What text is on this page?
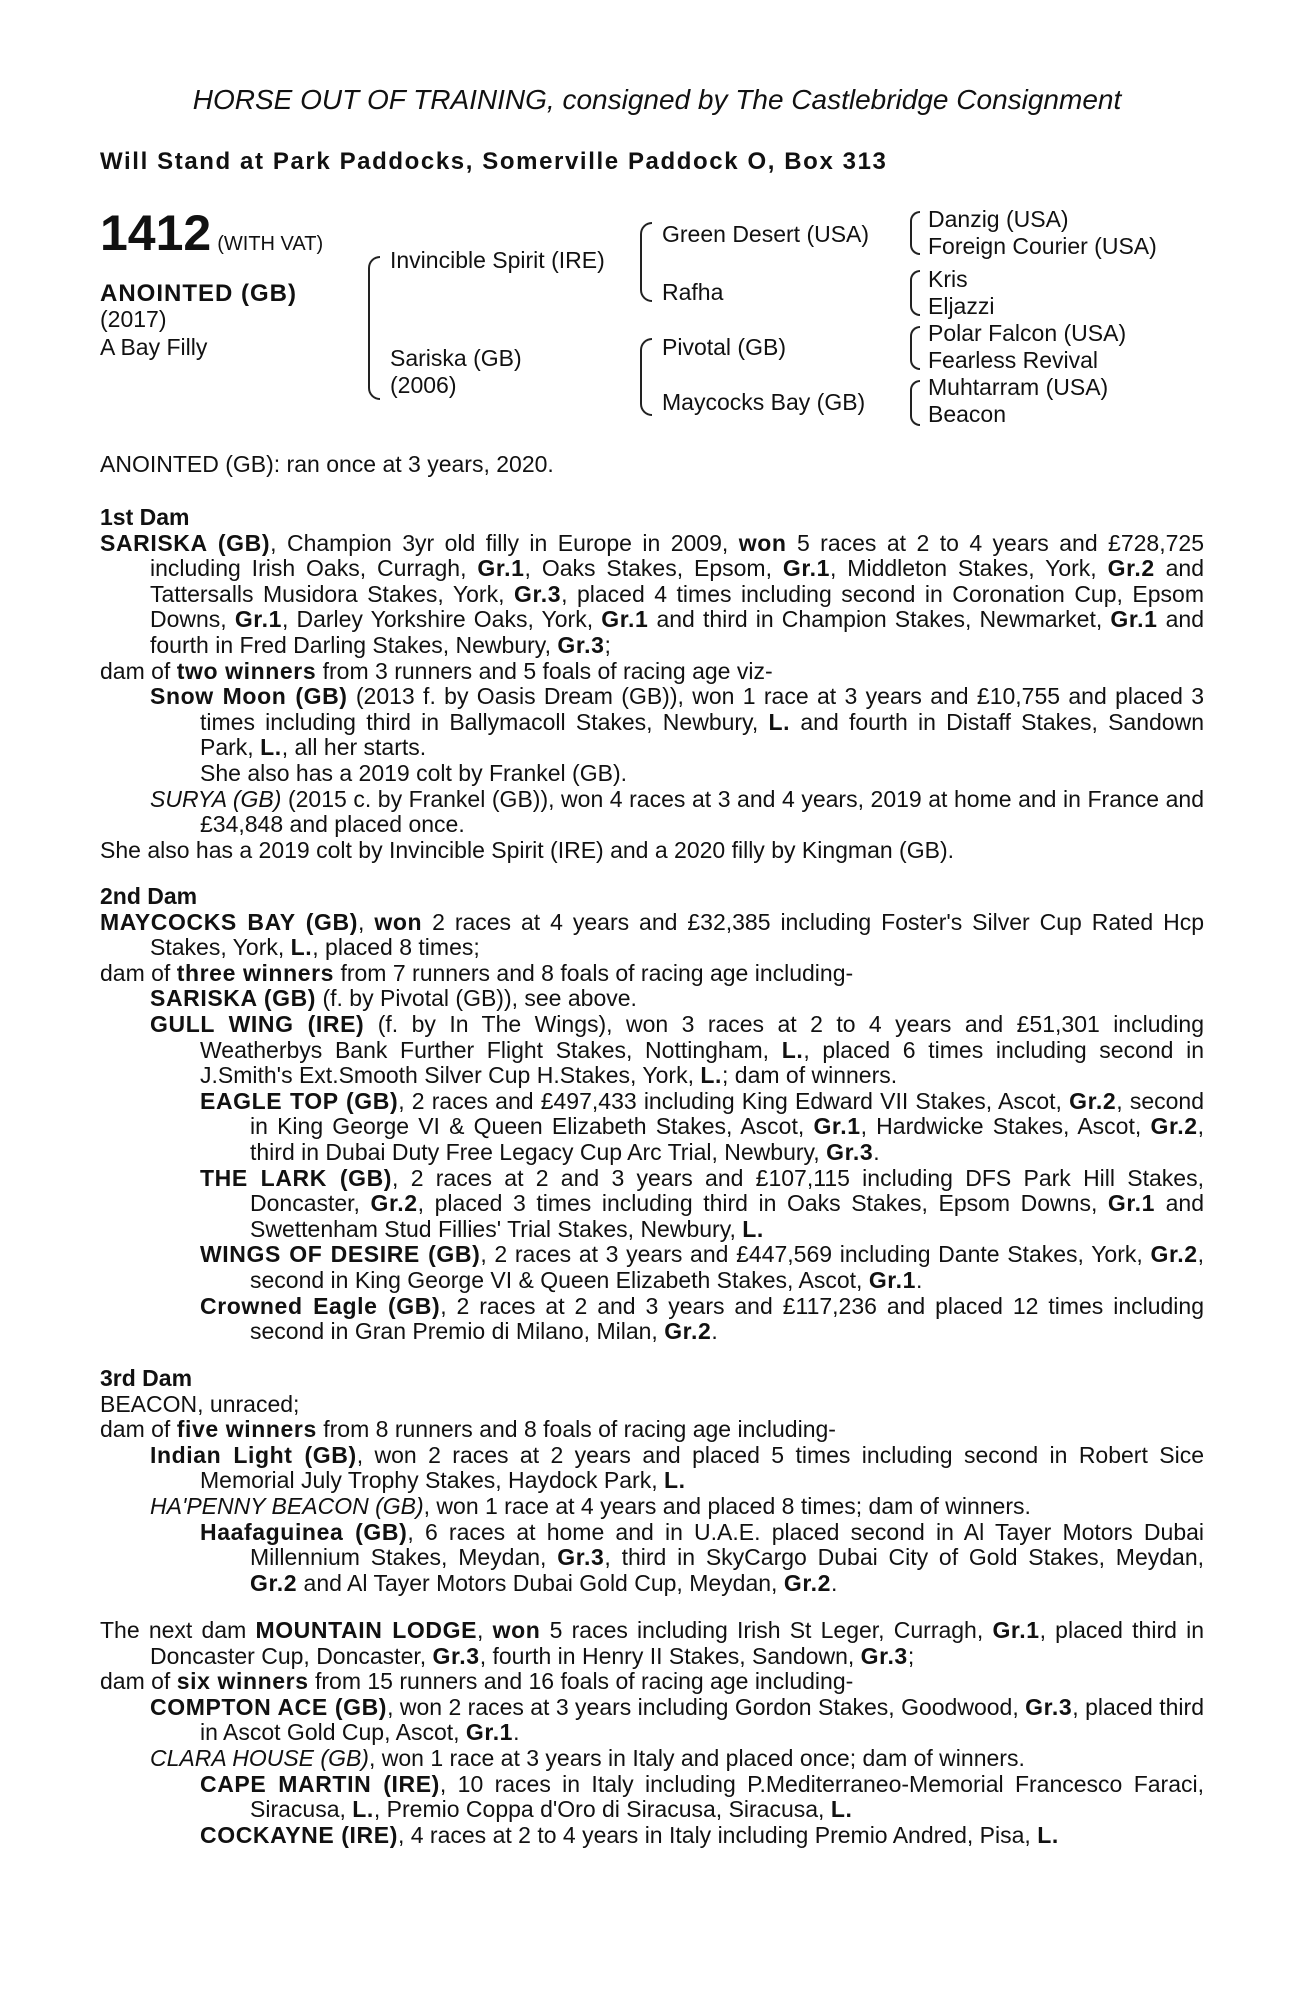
HORSE OUT OF TRAINING, consigned by The Castlebridge Consignment
Will Stand at Park Paddocks, Somerville Paddock O, Box 313
1412 (WITH VAT)
ANOINTED (GB)
(2017)
A Bay Filly
Invincible Spirit (IRE)
Sariska (GB)
(2006)
Green Desert (USA)
Rafha
Pivotal (GB)
Maycocks Bay (GB)
Danzig (USA)
Foreign Courier (USA)
Kris
Eljazzi
Polar Falcon (USA)
Fearless Revival
Muhtarram (USA)
Beacon
ANOINTED (GB): ran once at 3 years, 2020.

1st Dam

SARISKA (GB), Champion 3yr old filly in Europe in 2009, won 5 races at 2 to 4 years and £728,725 including Irish Oaks, Curragh, Gr.1, Oaks Stakes, Epsom, Gr.1, Middleton Stakes, York, Gr.2 and Tattersalls Musidora Stakes, York, Gr.3, placed 4 times including second in Coronation Cup, Epsom Downs, Gr.1, Darley Yorkshire Oaks, York, Gr.1 and third in Champion Stakes, Newmarket, Gr.1 and fourth in Fred Darling Stakes, Newbury, Gr.3;

dam of two winners from 3 runners and 5 foals of racing age viz-

Snow Moon (GB) (2013 f. by Oasis Dream (GB)), won 1 race at 3 years and £10,755 and placed 3 times including third in Ballymacoll Stakes, Newbury, L. and fourth in Distaff Stakes, Sandown Park, L., all her starts.

She also has a 2019 colt by Frankel (GB).

SURYA (GB) (2015 c. by Frankel (GB)), won 4 races at 3 and 4 years, 2019 at home and in France and £34,848 and placed once.

She also has a 2019 colt by Invincible Spirit (IRE) and a 2020 filly by Kingman (GB).

2nd Dam

MAYCOCKS BAY (GB), won 2 races at 4 years and £32,385 including Foster's Silver Cup Rated Hcp Stakes, York, L., placed 8 times;

dam of three winners from 7 runners and 8 foals of racing age including-

SARISKA (GB) (f. by Pivotal (GB)), see above.

GULL WING (IRE) (f. by In The Wings), won 3 races at 2 to 4 years and £51,301 including Weatherbys Bank Further Flight Stakes, Nottingham, L., placed 6 times including second in J.Smith's Ext.Smooth Silver Cup H.Stakes, York, L.; dam of winners.

EAGLE TOP (GB), 2 races and £497,433 including King Edward VII Stakes, Ascot, Gr.2, second in King George VI & Queen Elizabeth Stakes, Ascot, Gr.1, Hardwicke Stakes, Ascot, Gr.2, third in Dubai Duty Free Legacy Cup Arc Trial, Newbury, Gr.3.

THE LARK (GB), 2 races at 2 and 3 years and £107,115 including DFS Park Hill Stakes, Doncaster, Gr.2, placed 3 times including third in Oaks Stakes, Epsom Downs, Gr.1 and Swettenham Stud Fillies' Trial Stakes, Newbury, L.

WINGS OF DESIRE (GB), 2 races at 3 years and £447,569 including Dante Stakes, York, Gr.2, second in King George VI & Queen Elizabeth Stakes, Ascot, Gr.1.

Crowned Eagle (GB), 2 races at 2 and 3 years and £117,236 and placed 12 times including second in Gran Premio di Milano, Milan, Gr.2.

3rd Dam

BEACON, unraced;

dam of five winners from 8 runners and 8 foals of racing age including-

Indian Light (GB), won 2 races at 2 years and placed 5 times including second in Robert Sice Memorial July Trophy Stakes, Haydock Park, L.

HA'PENNY BEACON (GB), won 1 race at 4 years and placed 8 times; dam of winners.

Haafaguinea (GB), 6 races at home and in U.A.E. placed second in Al Tayer Motors Dubai Millennium Stakes, Meydan, Gr.3, third in SkyCargo Dubai City of Gold Stakes, Meydan, Gr.2 and Al Tayer Motors Dubai Gold Cup, Meydan, Gr.2.

The next dam MOUNTAIN LODGE, won 5 races including Irish St Leger, Curragh, Gr.1, placed third in Doncaster Cup, Doncaster, Gr.3, fourth in Henry II Stakes, Sandown, Gr.3;

dam of six winners from 15 runners and 16 foals of racing age including-

COMPTON ACE (GB), won 2 races at 3 years including Gordon Stakes, Goodwood, Gr.3, placed third in Ascot Gold Cup, Ascot, Gr.1.

CLARA HOUSE (GB), won 1 race at 3 years in Italy and placed once; dam of winners.

CAPE MARTIN (IRE), 10 races in Italy including P.Mediterraneo-Memorial Francesco Faraci, Siracusa, L., Premio Coppa d'Oro di Siracusa, Siracusa, L.

COCKAYNE (IRE), 4 races at 2 to 4 years in Italy including Premio Andred, Pisa, L.
